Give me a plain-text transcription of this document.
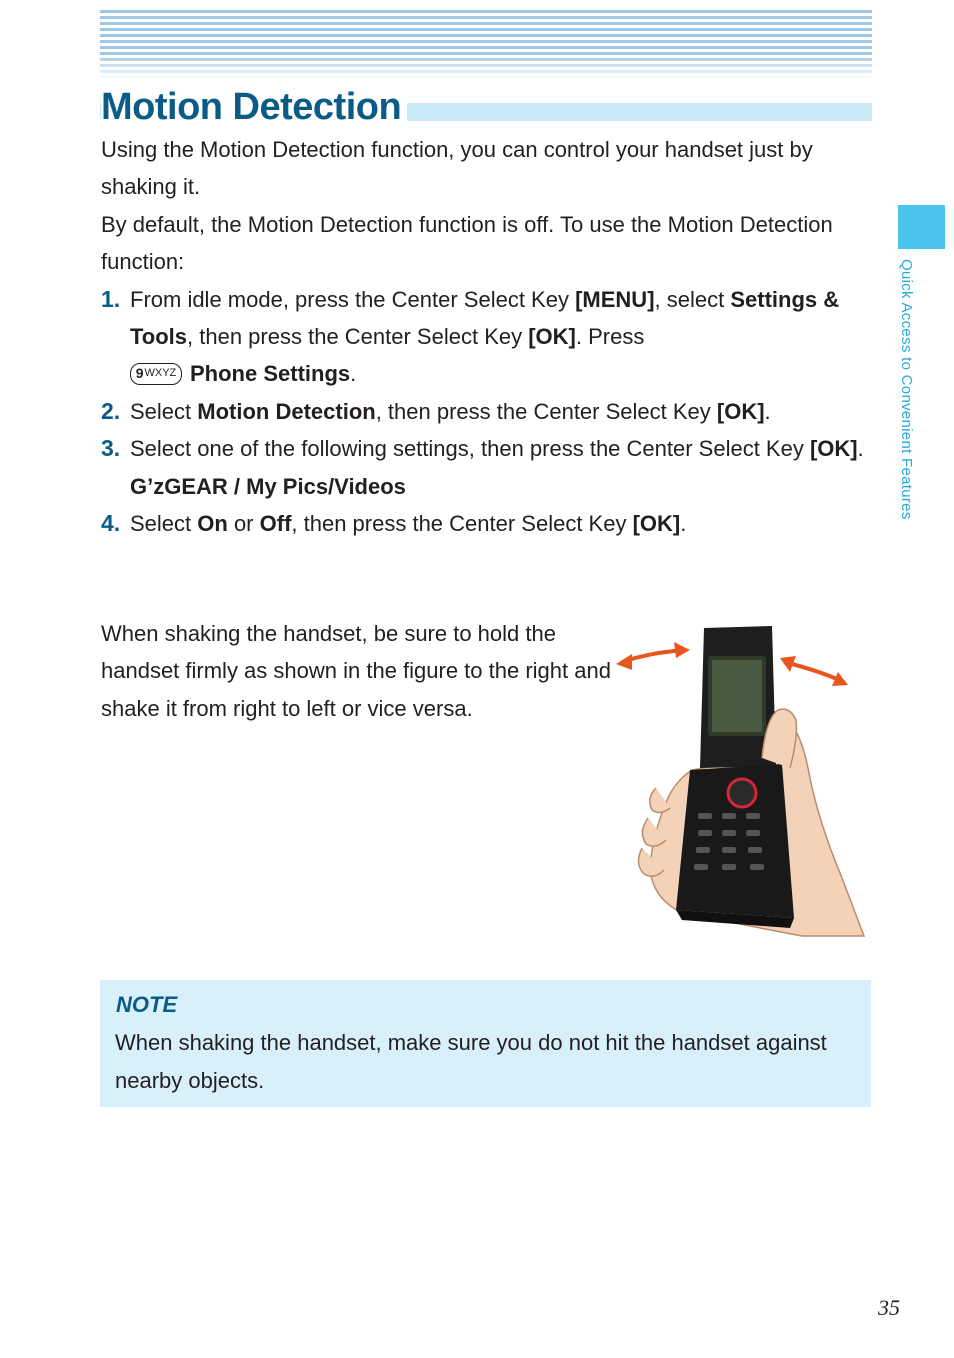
Motion Detection

Using the Motion Detection function, you can control your handset just by shaking it.

By default, the Motion Detection function is off. To use the Motion Detection function:

1. From idle mode, press the Center Select Key [MENU], select Settings & Tools, then press the Center Select Key [OK]. Press

9 WXYZ Phone Settings.
2. Select Motion Detection, then press the Center Select Key [OK].
3. Select one of the following settings, then press the Center Select Key [OK].
G’zGEAR / My Pics/Videos
4. Select On or Off, then press the Center Select Key [OK].

When shaking the handset, be sure to hold the handset firmly as shown in the figure to the right and shake it from right to left or vice versa.

NOTE

When shaking the handset, make sure you do not hit the handset against nearby objects.

Quick Access to Convenient Features

35
